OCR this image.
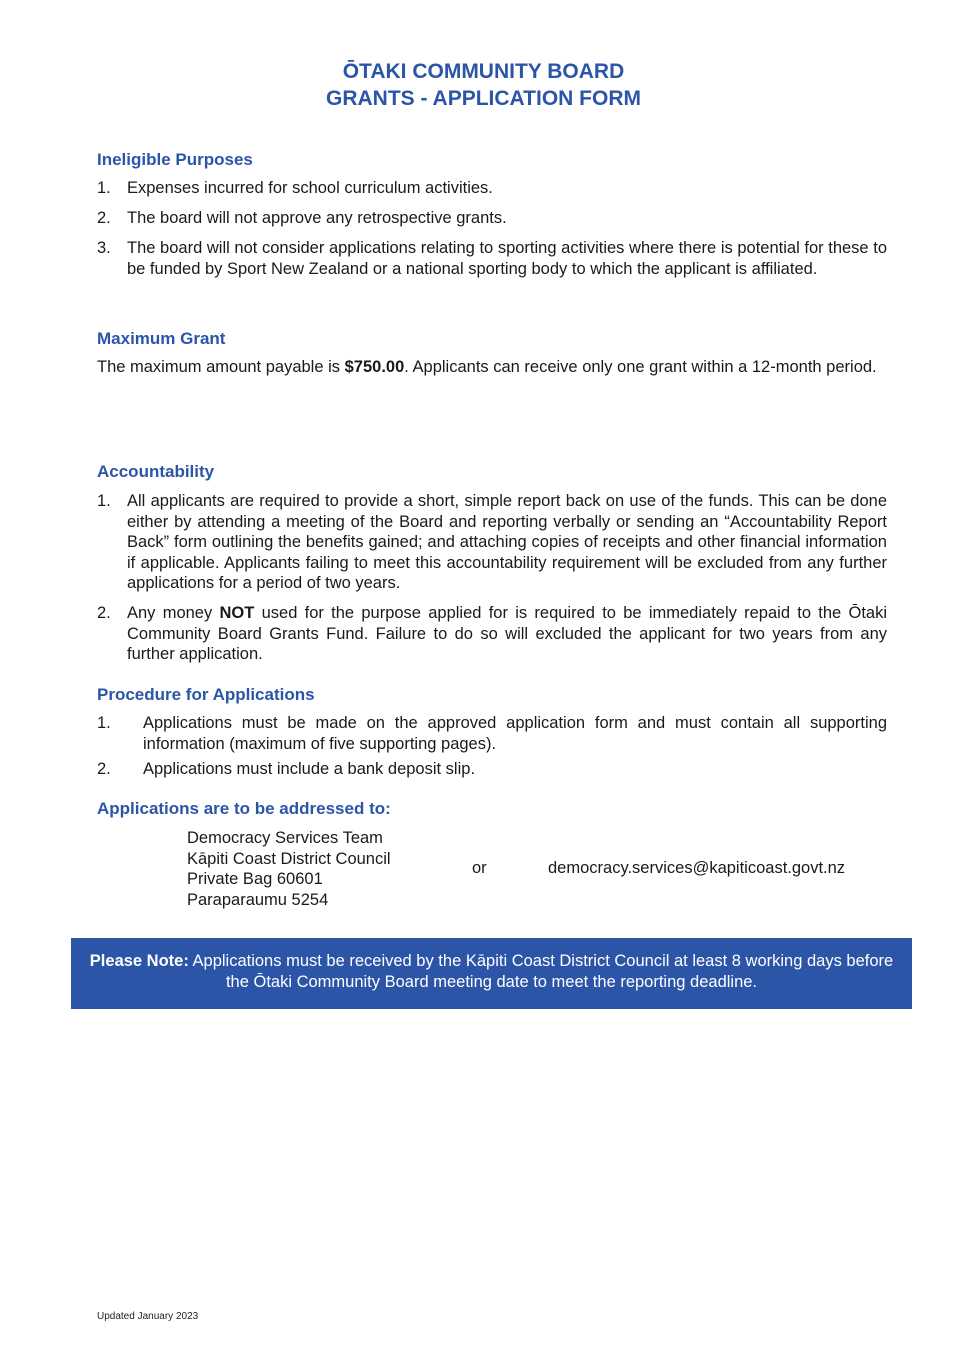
ŌTAKI COMMUNITY BOARD
GRANTS - APPLICATION FORM
Ineligible Purposes
1. Expenses incurred for school curriculum activities.
2. The board will not approve any retrospective grants.
3. The board will not consider applications relating to sporting activities where there is potential for these to be funded by Sport New Zealand or a national sporting body to which the applicant is affiliated.
Maximum Grant

The maximum amount payable is $750.00. Applicants can receive only one grant within a 12-month period.

Accountability
1. All applicants are required to provide a short, simple report back on use of the funds. This can be done either by attending a meeting of the Board and reporting verbally or sending an “Accountability Report Back” form outlining the benefits gained; and attaching copies of receipts and other financial information if applicable. Applicants failing to meet this accountability requirement will be excluded from any further applications for a period of two years.
2. Any money NOT used for the purpose applied for is required to be immediately repaid to the Ōtaki Community Board Grants Fund. Failure to do so will excluded the applicant for two years from any further application.
Procedure for Applications
1. Applications must be made on the approved application form and must contain all supporting information (maximum of five supporting pages).
2. Applications must include a bank deposit slip.
Applications are to be addressed to:
Democracy Services Team
Kāpiti Coast District Council
Private Bag 60601
Paraparaumu 5254
or	democracy.services@kapiticoast.govt.nz
Please Note: Applications must be received by the Kāpiti Coast District Council at least 8 working days before the Ōtaki Community Board meeting date to meet the reporting deadline.
Updated January 2023
